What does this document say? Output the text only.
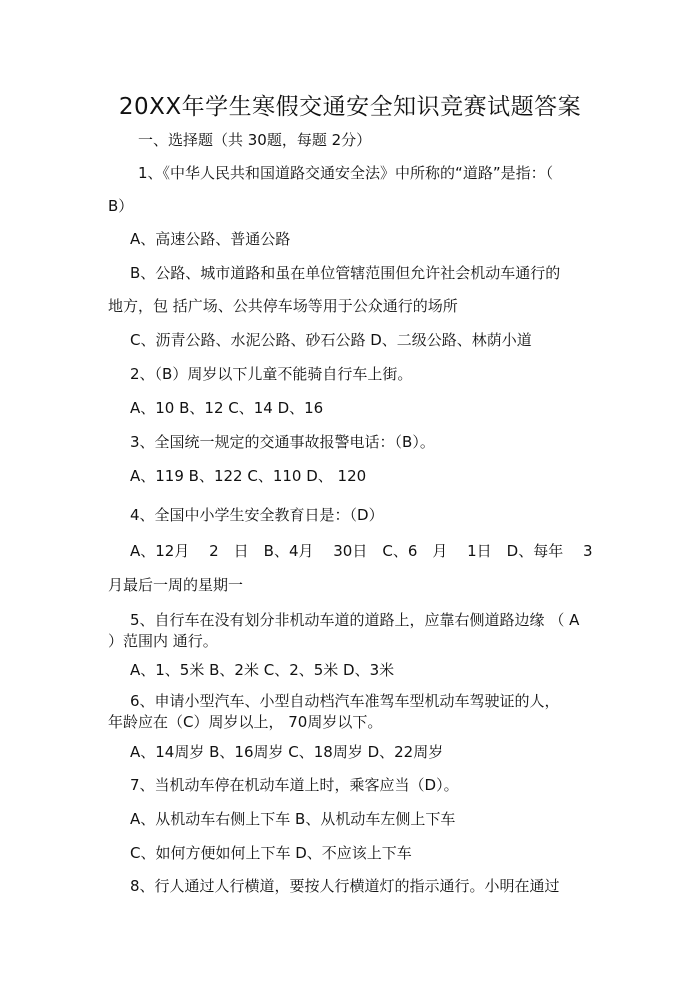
20XX年学生寒假交通安全知识竞赛试题答案
一、选择题（共 30题，每题 2分）
1、《中华人民共和国道路交通安全法》中所称的“道路”是指：（
B）
A、高速公路、普通公路
B、公路、城市道路和虽在单位管辖范围但允许社会机动车通行的
地方，包 括广场、公共停车场等用于公众通行的场所
C、沥青公路、水泥公路、砂石公路 D、二级公路、林荫小道
2、（B）周岁以下儿童不能骑自行车上街。
A、10 B、12 C、14 D、16
3、全国统一规定的交通事故报警电话：（B）。
A、119 B、122 C、110 D、 120
4、全国中小学生安全教育日是：（D）
A、12月　 2　日　B、4月　 30日　C、6　月　 1日　D、每年　 3
月最后一周的星期一
5、自行车在没有划分非机动车道的道路上，应靠右侧道路边缘 （ A
）范围内 通行。
A、1、5米 B、2米 C、2、5米 D、3米
6、申请小型汽车、小型自动档汽车准驾车型机动车驾驶证的人，
年龄应在（C）周岁以上， 70周岁以下。
A、14周岁 B、16周岁 C、18周岁 D、22周岁
7、当机动车停在机动车道上时，乘客应当（D）。
A、从机动车右侧上下车 B、从机动车左侧上下车
C、如何方便如何上下车 D、不应该上下车
8、行人通过人行横道，要按人行横道灯的指示通行。小明在通过
